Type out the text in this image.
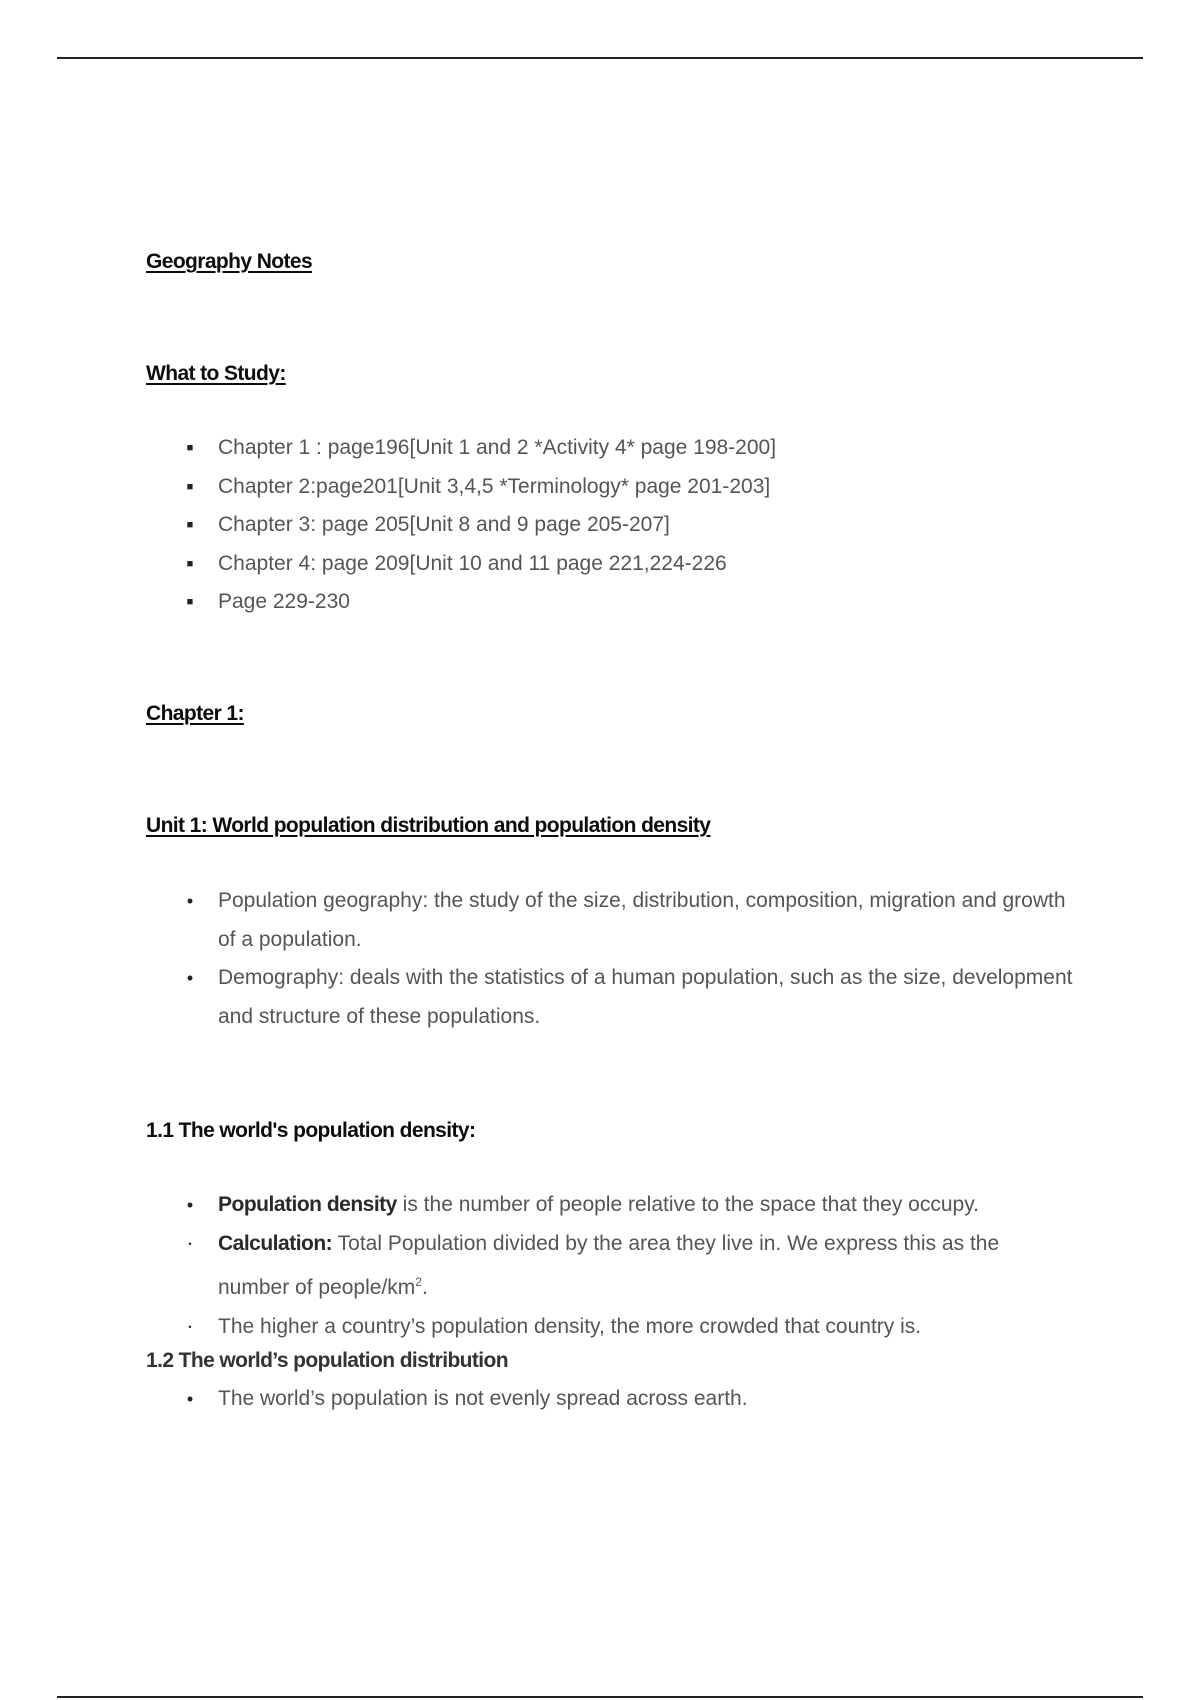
Geography Notes
What to Study:
■ Chapter 1 : page196[Unit 1 and 2 *Activity 4* page 198-200]
■ Chapter 2:page201[Unit 3,4,5 *Terminology* page 201-203]
■ Chapter 3: page 205[Unit 8 and 9 page 205-207]
■ Chapter 4: page 209[Unit 10 and 11 page 221,224-226
■ Page 229-230
Chapter 1:
Unit 1: World population distribution and population density
• Population geography: the study of the size, distribution, composition, migration and growth of a population.
• Demography: deals with the statistics of a human population, such as the size, development and structure of these populations.
1.1 The world's population density:
• Population density is the number of people relative to the space that they occupy.
• Calculation: Total Population divided by the area they live in. We express this as the number of people/$km^2$.
• The higher a country’s population density, the more crowded that country is.
1.2 The world’s population distribution
• The world’s population is not evenly spread across earth.
